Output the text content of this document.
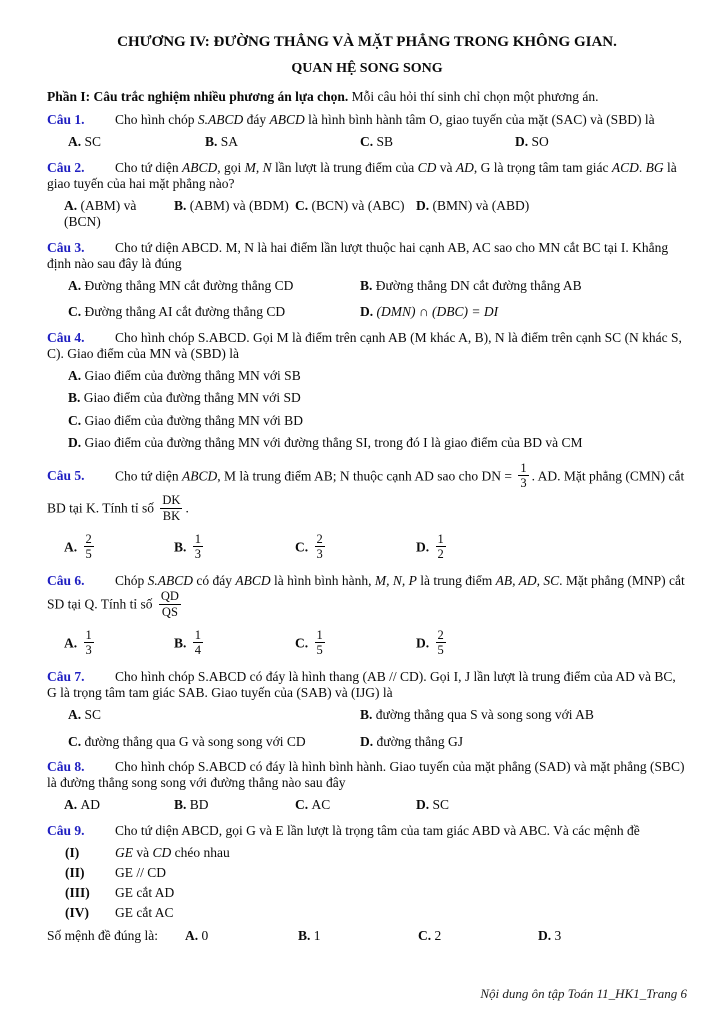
CHƯƠNG IV: ĐƯỜNG THẲNG VÀ MẶT PHẲNG TRONG KHÔNG GIAN.
QUAN HỆ SONG SONG

Phần I: Câu trắc nghiệm nhiều phương án lựa chọn. Mỗi câu hỏi thí sinh chỉ chọn một phương án.

Câu 1. Cho hình chóp S.ABCD đáy ABCD là hình bình hành tâm O, giao tuyến của mặt (SAC) và (SBD) là

A. SC	B. SA	C. SB	D. SO

Câu 2. Cho tứ diện ABCD, gọi M, N lần lượt là trung điểm của CD và AD, G là trọng tâm tam giác ACD. BG là giao tuyến của hai mặt phẳng nào?

A. (ABM) và (BCN)
B. (ABM) và (BDM) C. (BCN) và (ABC) D. (BMN) và (ABD)

Câu 3. Cho tứ diện ABCD. M, N là hai điểm lần lượt thuộc hai cạnh AB, AC sao cho MN cắt BC tại I. Khẳng định nào sau đây là đúng

A. Đường thẳng MN cắt đường thẳng CD	B. Đường thẳng DN cắt đường thẳng AB
C. Đường thẳng AI cắt đường thẳng CD	D. (DMN) ∩ (DBC) = DI

Câu 4. Cho hình chóp S.ABCD. Gọi M là điểm trên cạnh AB (M khác A, B), N là điểm trên cạnh SC (N khác S, C). Giao điểm của MN và (SBD) là

A. Giao điểm của đường thẳng MN với SB
B. Giao điểm của đường thẳng MN với SD
C. Giao điểm của đường thẳng MN với BD
D. Giao điểm của đường thẳng MN với đường thẳng SI, trong đó I là giao điểm của BD và CM

Câu 5. Cho tứ diện ABCD, M là trung điểm AB; N thuộc cạnh AD sao cho DN = $\frac{1}{3}$ . AD. Mặt phẳng (CMN) cắt BD tại K. Tính tỉ số $\frac{DK}{BK}$ .

A. $\frac{2}{5}$	B. $\frac{1}{3}$	C. $\frac{2}{3}$	D. $\frac{1}{2}$

Câu 6. Chóp S.ABCD có đáy ABCD là hình bình hành, M, N, P là trung điểm AB, AD, SC. Mặt phẳng (MNP) cắt SD tại Q. Tính tỉ số $\frac{QD}{QS}$

A. $\frac{1}{3}$	B. $\frac{1}{4}$	C. $\frac{1}{5}$	D. $\frac{2}{5}$

Câu 7. Cho hình chóp S.ABCD có đáy là hình thang (AB // CD). Gọi I, J lần lượt là trung điểm của AD và BC, G là trọng tâm tam giác SAB. Giao tuyến của (SAB) và (IJG) là

A. SC	B. đường thẳng qua S và song song với AB
C. đường thẳng qua G và song song với CD	D. đường thẳng GJ

Câu 8. Cho hình chóp S.ABCD có đáy là hình bình hành. Giao tuyến của mặt phẳng (SAD) và mặt phẳng (SBC) là đường thẳng song song với đường thẳng nào sau đây

A. AD	B. BD	C. AC	D. SC

Câu 9. Cho tứ diện ABCD, gọi G và E lần lượt là trọng tâm của tam giác ABD và ABC. Và các mệnh đề

(I)	GE và CD chéo nhau
(II)	GE // CD
(III)	GE cắt AD
(IV)	GE cắt AC
Số mệnh đề đúng là:	A. 0	B. 1	C. 2	D. 3
Nội dung ôn tập Toán 11_HK1_Trang 6
